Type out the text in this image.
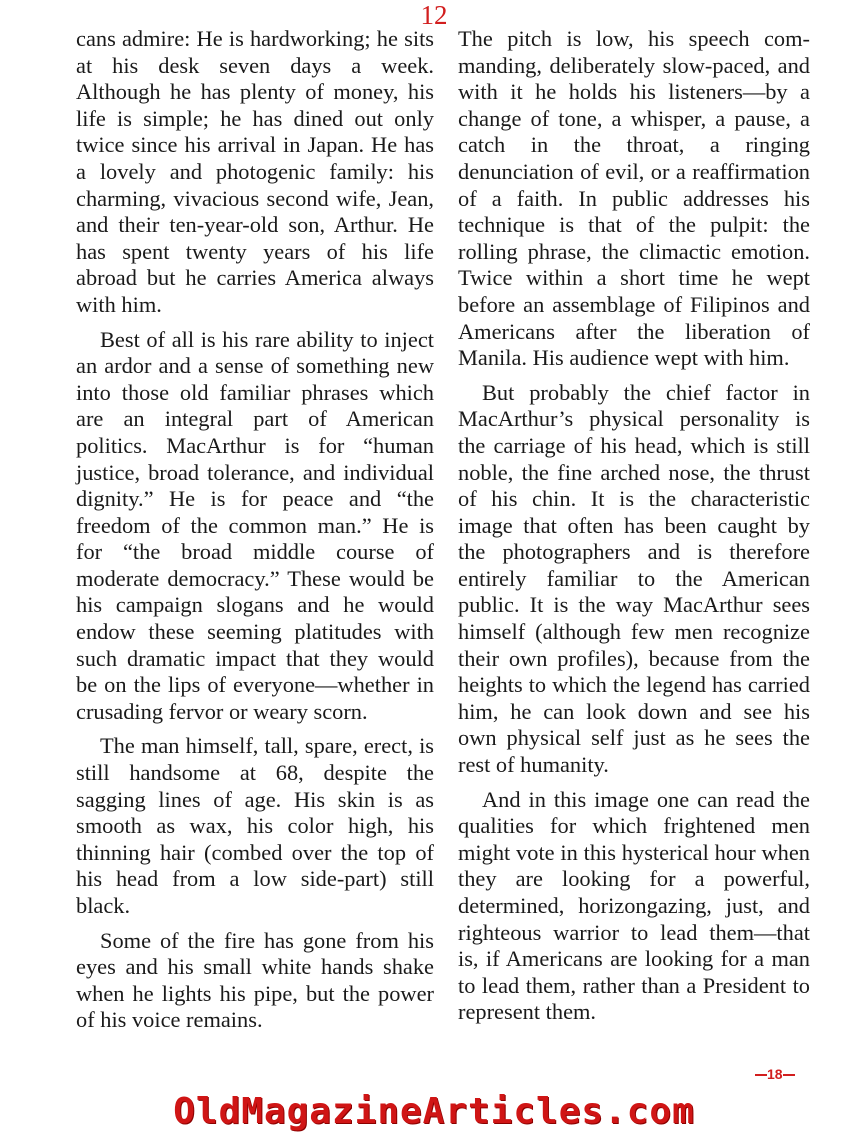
12

cans admire: He is hardworking; he sits at his desk seven days a week. Although he has plenty of money, his life is simple; he has dined out only twice since his arrival in Japan. He has a lovely and photogenic family: his charming, vivacious second wife, Jean, and their ten-year-old son, Arthur. He has spent twenty years of his life abroad but he carries America always with him.

Best of all is his rare ability to inject an ardor and a sense of something new into those old familiar phrases which are an integral part of American politics. MacArthur is for “human justice, broad tolerance, and individual dignity.” He is for peace and “the freedom of the common man.” He is for “the broad middle course of moderate democracy.” These would be his campaign slogans and he would endow these seeming platitudes with such dramatic impact that they would be on the lips of everyone—whether in crusading fervor or weary scorn.

The man himself, tall, spare, erect, is still handsome at 68, despite the sagging lines of age. His skin is as smooth as wax, his color high, his thinning hair (combed over the top of his head from a low side-part) still black.

Some of the fire has gone from his eyes and his small white hands shake when he lights his pipe, but the power of his voice remains.

The pitch is low, his speech commanding, deliberately slow-paced, and with it he holds his listeners—by a change of tone, a whisper, a pause, a catch in the throat, a ringing denunciation of evil, or a reaffirmation of a faith. In public addresses his technique is that of the pulpit: the rolling phrase, the climactic emotion. Twice within a short time he wept before an assemblage of Filipinos and Americans after the liberation of Manila. His audience wept with him.

But probably the chief factor in MacArthur’s physical personality is the carriage of his head, which is still noble, the fine arched nose, the thrust of his chin. It is the characteristic image that often has been caught by the photographers and is therefore entirely familiar to the American public. It is the way MacArthur sees himself (although few men recognize their own profiles), because from the heights to which the legend has carried him, he can look down and see his own physical self just as he sees the rest of humanity.

And in this image one can read the qualities for which frightened men might vote in this hysterical hour when they are looking for a powerful, determined, horizongazing, just, and righteous warrior to lead them—that is, if Americans are looking for a man to lead them, rather than a President to represent them.

18
OldMagazineArticles.com
